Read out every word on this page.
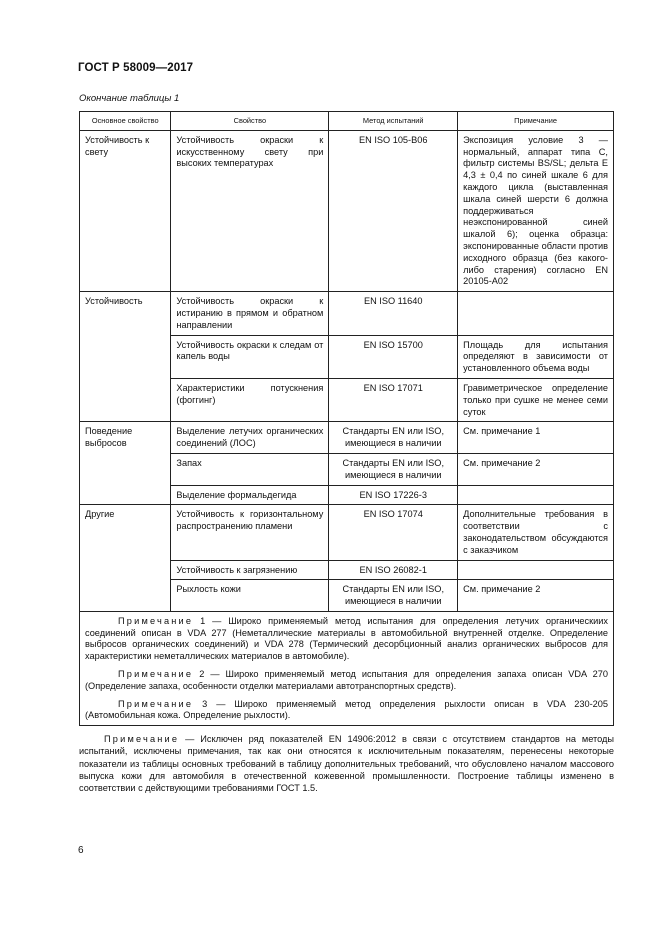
ГОСТ Р 58009—2017
Окончание таблицы 1
Основное свойство	Свойство	Метод испытаний	Примечание
Устойчивость к свету	Устойчивость окраски к искусственному свету при высоких температурах	EN ISO 105-B06	Экспозиция условие 3 — нормальный, аппарат типа С, фильтр системы BS/SL; дельта Е 4,3 ± 0,4 по синей шкале 6 для каждого цикла (выставленная шкала синей шерсти 6 должна поддерживаться неэкспонированной синей шкалой 6); оценка образца: экспонированные области против исходного образца (без какого-либо старения) согласно EN 20105-A02
Устойчивость	Устойчивость окраски к истиранию в прямом и обратном направлении	EN ISO 11640	
	Устойчивость окраски к следам от капель воды	EN ISO 15700	Площадь для испытания определяют в зависимости от установленного объема воды
	Характеристики потускнения (фоггинг)	EN ISO 17071	Гравиметрическое определение только при сушке не менее семи суток
Поведение выбросов	Выделение летучих органических соединений (ЛОС)	Стандарты EN или ISO, имеющиеся в наличии	См. примечание 1
	Запах	Стандарты EN или ISO, имеющиеся в наличии	См. примечание 2
	Выделение формальдегида	EN ISO 17226-3	
Другие	Устойчивость к горизонтальному распространению пламени	EN ISO 17074	Дополнительные требования в соответствии с законодательством обсуждаются с заказчиком
	Устойчивость к загрязнению	EN ISO 26082-1	
	Рыхлость кожи	Стандарты EN или ISO, имеющиеся в наличии	См. примечание 2

Примечание 1 — Широко применяемый метод испытания для определения летучих органическиих соединений описан в VDA 277 (Неметаллические материалы в автомобильной внутренней отделке. Определение выбросов органических соединений) и VDA 278 (Термический десорбционный анализ органических выбросов для характеристики неметаллических материалов в автомобиле).

Примечание 2 — Широко применяемый метод испытания для определения запаха описан VDA 270 (Определение запаха, особенности отделки материалами автотранспортных средств).

Примечание 3 — Широко применяемый метод определения рыхлости описан в VDA 230-205 (Автомобильная кожа. Определение рыхлости).			

Примечание — Исключен ряд показателей EN 14906:2012 в связи с отсутствием стандартов на методы испытаний, исключены примечания, так как они относятся к исключительным показателям, перенесены некоторые показатели из таблицы основных требований в таблицу дополнительных требований, что обусловлено началом массового выпуска кожи для автомобиля в отечественной кожевенной промышленности. Построение таблицы изменено в соответствии с действующими требованиями ГОСТ 1.5.

6
